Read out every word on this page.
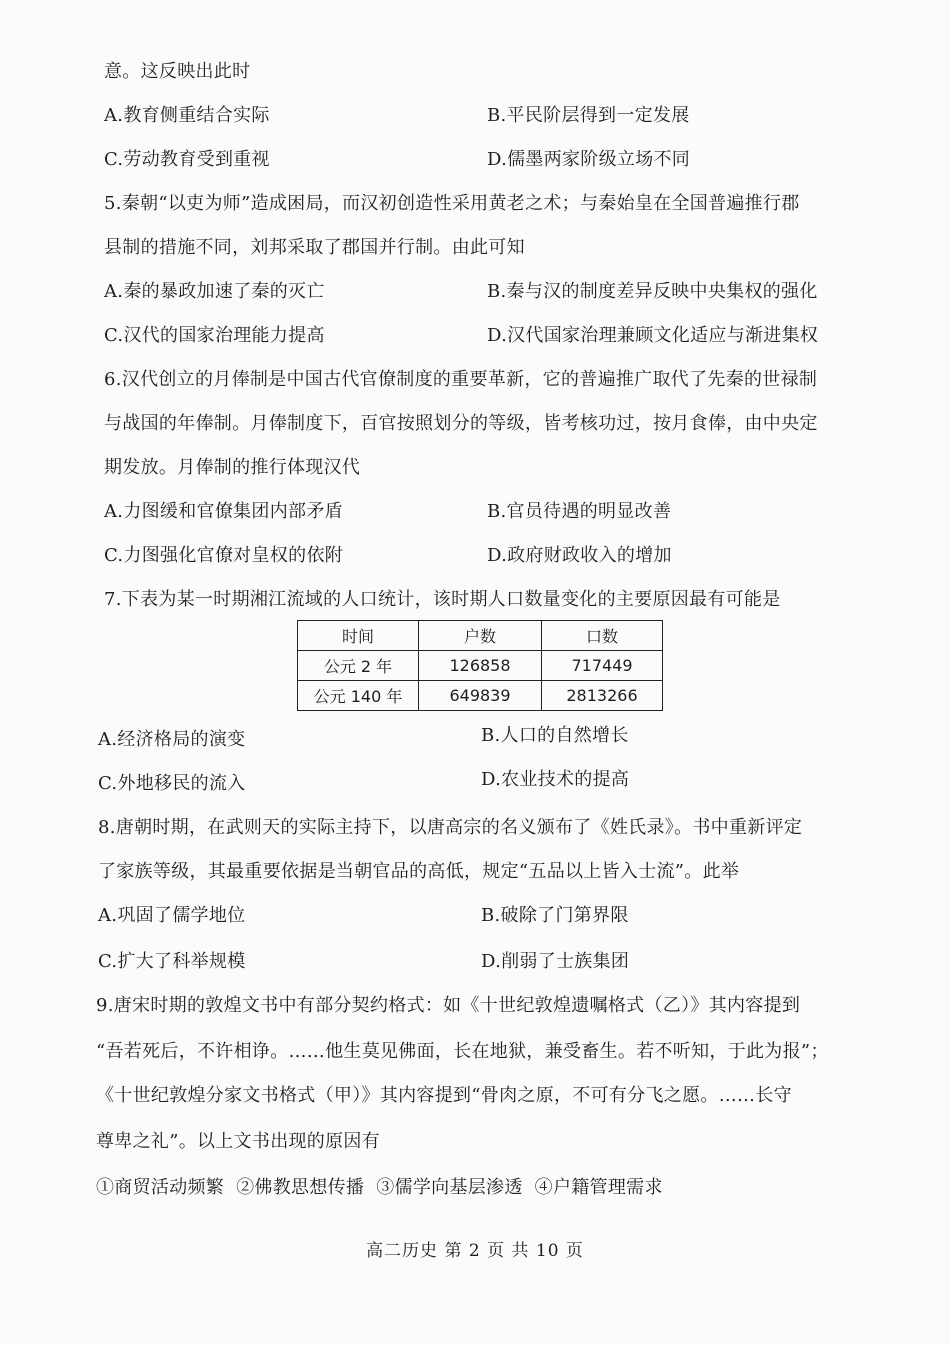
意。这反映出此时
A.教育侧重结合实际	B.平民阶层得到一定发展
C.劳动教育受到重视	D.儒墨两家阶级立场不同
5.秦朝“以吏为师”造成困局，而汉初创造性采用黄老之术；与秦始皇在全国普遍推行郡
县制的措施不同，刘邦采取了郡国并行制。由此可知
A.秦的暴政加速了秦的灭亡	B.秦与汉的制度差异反映中央集权的强化
C.汉代的国家治理能力提高	D.汉代国家治理兼顾文化适应与渐进集权
6.汉代创立的月俸制是中国古代官僚制度的重要革新，它的普遍推广取代了先秦的世禄制
与战国的年俸制。月俸制度下，百官按照划分的等级，皆考核功过，按月食俸，由中央定
期发放。月俸制的推行体现汉代
A.力图缓和官僚集团内部矛盾	B.官员待遇的明显改善
C.力图强化官僚对皇权的依附	D.政府财政收入的增加
7.下表为某一时期湘江流域的人口统计，该时期人口数量变化的主要原因最有可能是
时间	户数	口数
公元 2 年	126858	717449
公元 140 年	649839	2813266
A.经济格局的演变	B.人口的自然增长
C.外地移民的流入	D.农业技术的提高
8.唐朝时期，在武则天的实际主持下，以唐高宗的名义颁布了《姓氏录》。书中重新评定
了家族等级，其最重要依据是当朝官品的高低，规定“五品以上皆入士流”。此举
A.巩固了儒学地位	B.破除了门第界限
C.扩大了科举规模	D.削弱了士族集团
9.唐宋时期的敦煌文书中有部分契约格式：如《十世纪敦煌遗嘱格式（乙）》其内容提到
“吾若死后，不许相诤。……他生莫见佛面，长在地狱，兼受畜生。若不听知，于此为报”；
《十世纪敦煌分家文书格式（甲）》其内容提到“骨肉之原，不可有分飞之愿。……长守
尊卑之礼”。以上文书出现的原因有
①商贸活动频繁 ②佛教思想传播 ③儒学向基层渗透 ④户籍管理需求
高二历史 第 2 页 共 10 页
